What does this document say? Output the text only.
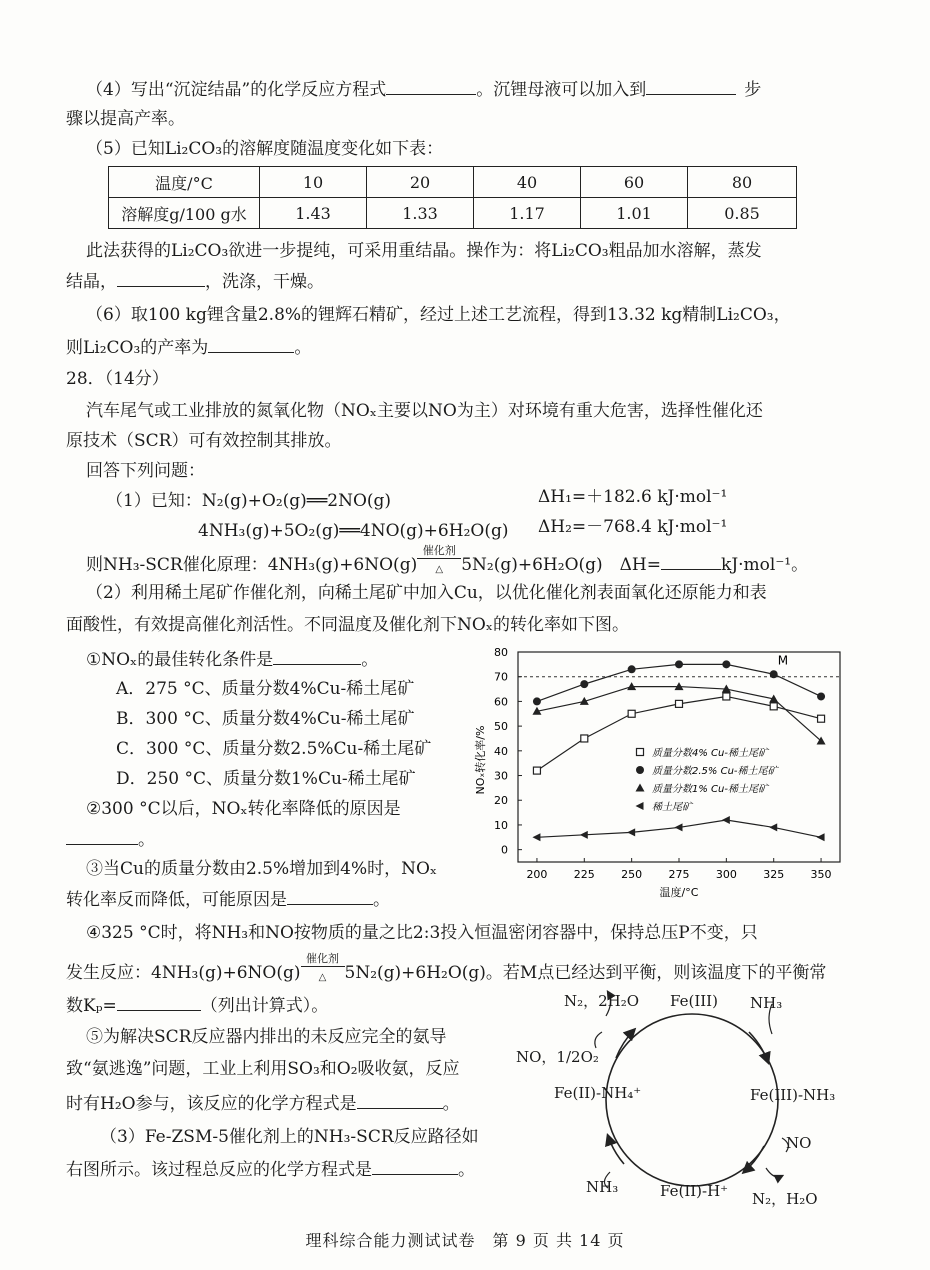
（4）写出“沉淀结晶”的化学反应方程式	。沉锂母液可以加入到	步
骤以提高产率。
（5）已知Li₂CO₃的溶解度随温度变化如下表：
温度/°C	10	20	40	60	80
溶解度g/100 g水	1.43	1.33	1.17	1.01	0.85
此法获得的Li₂CO₃欲进一步提纯，可采用重结晶。操作为：将Li₂CO₃粗品加水溶解，蒸发
结晶，	，洗涤，干燥。
（6）取100 kg锂含量2.8%的锂辉石精矿，经过上述工艺流程，得到13.32 kg精制Li₂CO₃，
则Li₂CO₃的产率为	。
28．（14分）
汽车尾气或工业排放的氮氧化物（NOₓ主要以NO为主）对环境有重大危害，选择性催化还
原技术（SCR）可有效控制其排放。
回答下列问题：
（1）已知：N₂(g)+O₂(g)══2NO(g)	ΔH₁=＋182.6 kJ·mol⁻¹
4NH₃(g)+5O₂(g)══4NO(g)+6H₂O(g) ΔH₂=－768.4 kJ·mol⁻¹
则NH₃-SCR催化原理：4NH₃(g)+6NO(g)
催化剂
△	5N₂(g)+6H₂O(g)　ΔH=	kJ·mol⁻¹。
（2）利用稀土尾矿作催化剂，向稀土尾矿中加入Cu，以优化催化剂表面氧化还原能力和表
面酸性，有效提高催化剂活性。不同温度及催化剂下NOₓ的转化率如下图。
①NOₓ的最佳转化条件是	。
A．275 °C、质量分数4%Cu-稀土尾矿
B．300 °C、质量分数4%Cu-稀土尾矿
C．300 °C、质量分数2.5%Cu-稀土尾矿
D．250 °C、质量分数1%Cu-稀土尾矿
②300 °C以后，NOₓ转化率降低的原因是
。
③当Cu的质量分数由2.5%增加到4%时，NOₓ
转化率反而降低，可能原因是	。
④325 °C时，将NH₃和NO按物质的量之比2:3投入恒温密闭容器中，保持总压P不变，只
发生反应：4NH₃(g)+6NO(g)
催化剂
△	5N₂(g)+6H₂O(g)。若M点已经达到平衡，则该温度下的平衡常
数Kₚ=	（列出计算式）。
⑤为解决SCR反应器内排出的未反应完全的氨导
致“氨逃逸”问题，工业上利用SO₃和O₂吸收氨，反应
时有H₂O参与，该反应的化学方程式是	。
（3）Fe-ZSM-5催化剂上的NH₃-SCR反应路径如
右图所示。该过程总反应的化学方程式是	。
0
10
20
30
40
50
60
70
80
200 225 250 275 300 325 350
质量分数4% Cu-稀土尾矿
质量分数2.5% Cu-稀土尾矿
质量分数1% Cu-稀土尾矿
稀土尾矿
NOₓ转化率/%
温度/°C
M
N₂，2H₂O Fe(III) NH₃
Fe(III)-NH₃
NO
N₂，H₂O
Fe(II)-H⁺
NH₃
Fe(II)-NH₄⁺
NO，1/2O₂
理科综合能力测试试卷　第 9 页 共 14 页
